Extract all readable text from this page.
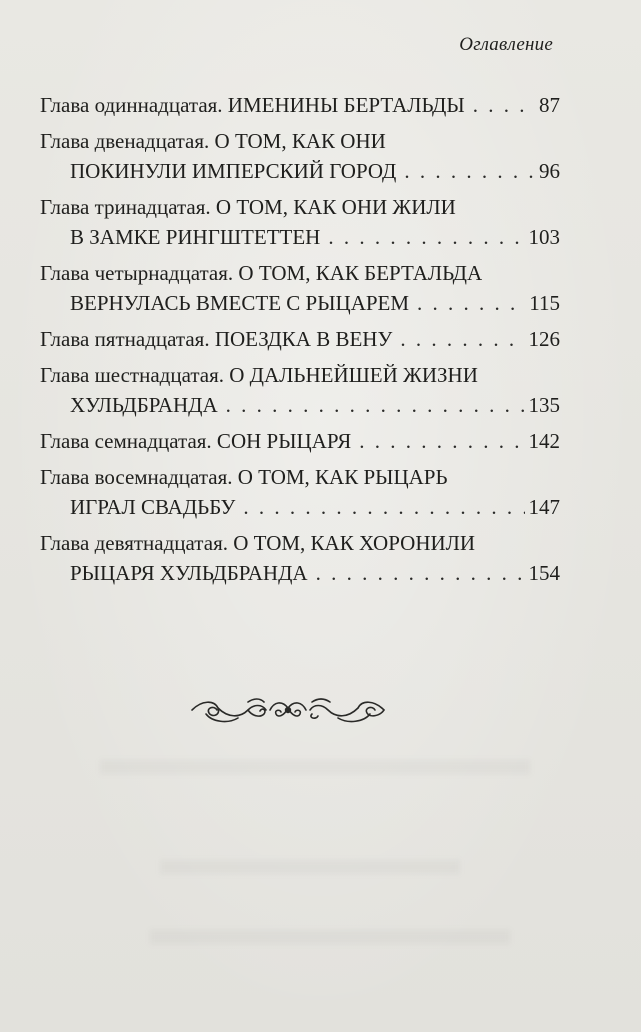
Оглавление
Глава одиннадцатая. ИМЕНИНЫ БЕРТАЛЬДЫ . . .	87
Глава двенадцатая. О ТОМ, КАК ОНИ
ПОКИНУЛИ ИМПЕРСКИЙ ГОРОД . . .	96
Глава тринадцатая. О ТОМ, КАК ОНИ ЖИЛИ
В ЗАМКЕ РИНГШТЕТТЕН . . .	103
Глава четырнадцатая. О ТОМ, КАК БЕРТАЛЬДА
ВЕРНУЛАСЬ ВМЕСТЕ С РЫЦАРЕМ . . .	115
Глава пятнадцатая. ПОЕЗДКА В ВЕНУ . . .	126
Глава шестнадцатая. О ДАЛЬНЕЙШЕЙ ЖИЗНИ
ХУЛЬДБРАНДА . . .	135
Глава семнадцатая. СОН РЫЦАРЯ . . .	142
Глава восемнадцатая. О ТОМ, КАК РЫЦАРЬ
ИГРАЛ СВАДЬБУ . . .	147
Глава девятнадцатая. О ТОМ, КАК ХОРОНИЛИ
РЫЦАРЯ ХУЛЬДБРАНДА . . .	154
